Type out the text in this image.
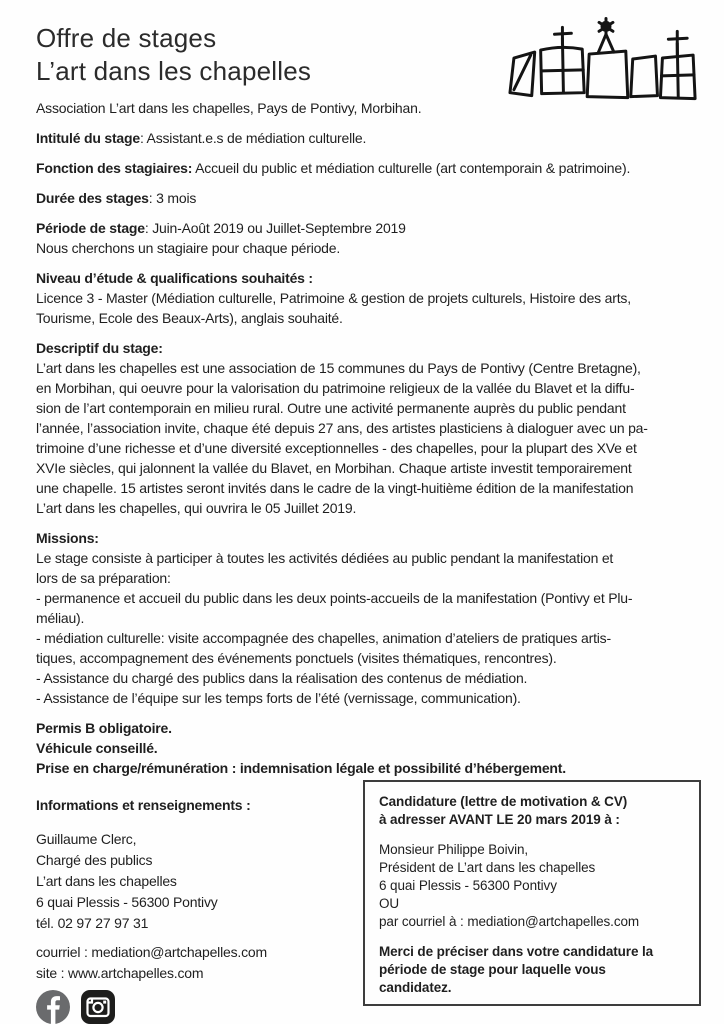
Offre de stages
L’art dans les chapelles
Association L’art dans les chapelles, Pays de Pontivy, Morbihan.
Intitulé du stage: Assistant.e.s de médiation culturelle.
Fonction des stagiaires: Accueil du public et médiation culturelle (art contemporain & patrimoine).
Durée des stages: 3 mois
Période de stage: Juin-Août 2019 ou Juillet-Septembre 2019
Nous cherchons un stagiaire pour chaque période.
Niveau d’étude & qualifications souhaités :
Licence 3 - Master (Médiation culturelle, Patrimoine & gestion de projets culturels, Histoire des arts,
Tourisme, Ecole des Beaux-Arts), anglais souhaité.
Descriptif du stage:
L’art dans les chapelles est une association de 15 communes du Pays de Pontivy (Centre Bretagne),
en Morbihan, qui oeuvre pour la valorisation du patrimoine religieux de la vallée du Blavet et la diffu-
sion de l’art contemporain en milieu rural. Outre une activité permanente auprès du public pendant
l’année, l’association invite, chaque été depuis 27 ans, des artistes plasticiens à dialoguer avec un pa-
trimoine d’une richesse et d’une diversité exceptionnelles - des chapelles, pour la plupart des XVe et
XVIe siècles, qui jalonnent la vallée du Blavet, en Morbihan. Chaque artiste investit temporairement
une chapelle. 15 artistes seront invités dans le cadre de la vingt-huitième édition de la manifestation
L’art dans les chapelles, qui ouvrira le 05 Juillet 2019.
Missions:
Le stage consiste à participer à toutes les activités dédiées au public pendant la manifestation et
lors de sa préparation:
- permanence et accueil du public dans les deux points-accueils de la manifestation (Pontivy et Plu-
méliau).
- médiation culturelle: visite accompagnée des chapelles, animation d’ateliers de pratiques artis-
tiques, accompagnement des événements ponctuels (visites thématiques, rencontres).
- Assistance du chargé des publics dans la réalisation des contenus de médiation.
- Assistance de l’équipe sur les temps forts de l’été (vernissage, communication).
Permis B obligatoire.
Véhicule conseillé.
Prise en charge/rémunération : indemnisation légale et possibilité d’hébergement.
Informations et renseignements :
Guillaume Clerc,
Chargé des publics
L’art dans les chapelles
6 quai Plessis - 56300 Pontivy
tél. 02 97 27 97 31
courriel : mediation@artchapelles.com
site : www.artchapelles.com
Candidature (lettre de motivation & CV)
à adresser AVANT LE 20 mars 2019 à :
Monsieur Philippe Boivin,
Président de L’art dans les chapelles
6 quai Plessis - 56300 Pontivy
OU
par courriel à : mediation@artchapelles.com
Merci de préciser dans votre candidature la
période de stage pour laquelle vous
candidatez.
